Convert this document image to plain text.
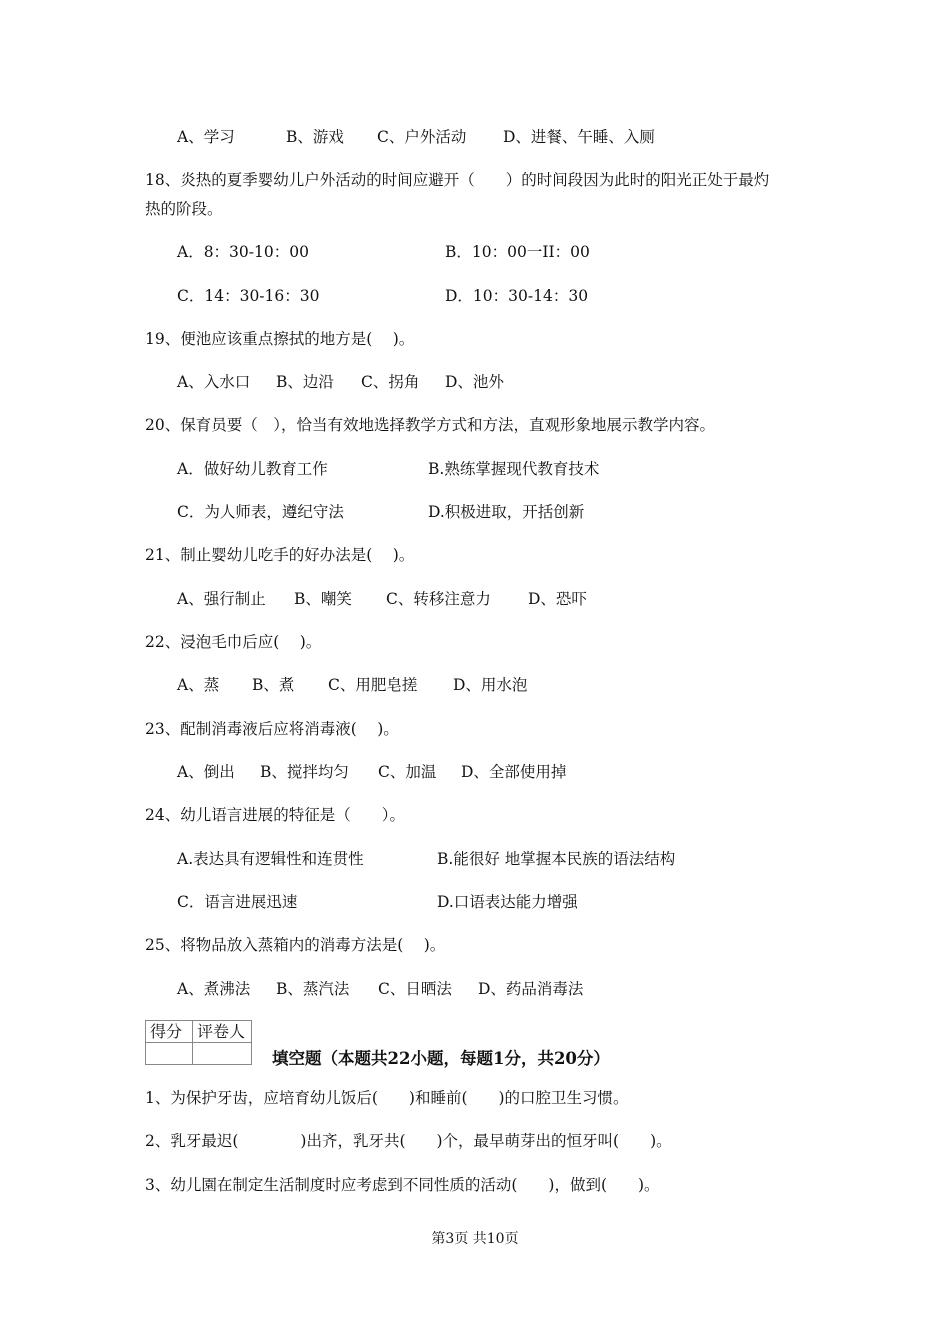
A、学习	B、游戏 C、户外活动 D、进餐、午睡、入厕
18、炎热的夏季婴幼儿户外活动的时间应避开（　　）的时间段因为此时的阳光正处于最灼
热的阶段。
A．8：30-10：00	B．10：00一II：00
C．14：30-16：30	D．10：30-14：30
19、便池应该重点擦拭的地方是(　 )。
A、入水口 B、边沿 C、拐角 D、池外
20、保育员要（　），恰当有效地选择教学方式和方法，直观形象地展示教学内容。
A．做好幼儿教育工作	B.熟练掌握现代教育技术
C．为人师表，遵纪守法	D.积极进取，开括创新
21、制止婴幼儿吃手的好办法是(　 )。
A、强行制止 B、嘲笑 C、转移注意力 D、恐吓
22、浸泡毛巾后应(　 )。
A、蒸 B、煮 C、用肥皂搓 D、用水泡
23、配制消毒液后应将消毒液(　 )。
A、倒出 B、搅拌均匀 C、加温 D、全部使用掉
24、幼儿语言进展的特征是（　　）。
A.表达具有逻辑性和连贯性	B.能很好 地掌握本民族的语法结构
C．语言进展迅速	D.口语表达能力增强
25、将物品放入蒸箱内的消毒方法是(　 )。
A、煮沸法 B、蒸汽法 C、日晒法 D、药品消毒法
得分	评卷人

填空题（本题共22小题，每题1分，共20分）
1、为保护牙齿，应培育幼儿饭后(　　)和睡前(　　)的口腔卫生习惯。
2、乳牙最迟(　　　　)出齐，乳牙共(　　)个，最早萌芽出的恒牙叫(　　)。
3、幼儿園在制定生活制度时应考虑到不同性质的活动(　　)，做到(　　)。
第3页 共10页
